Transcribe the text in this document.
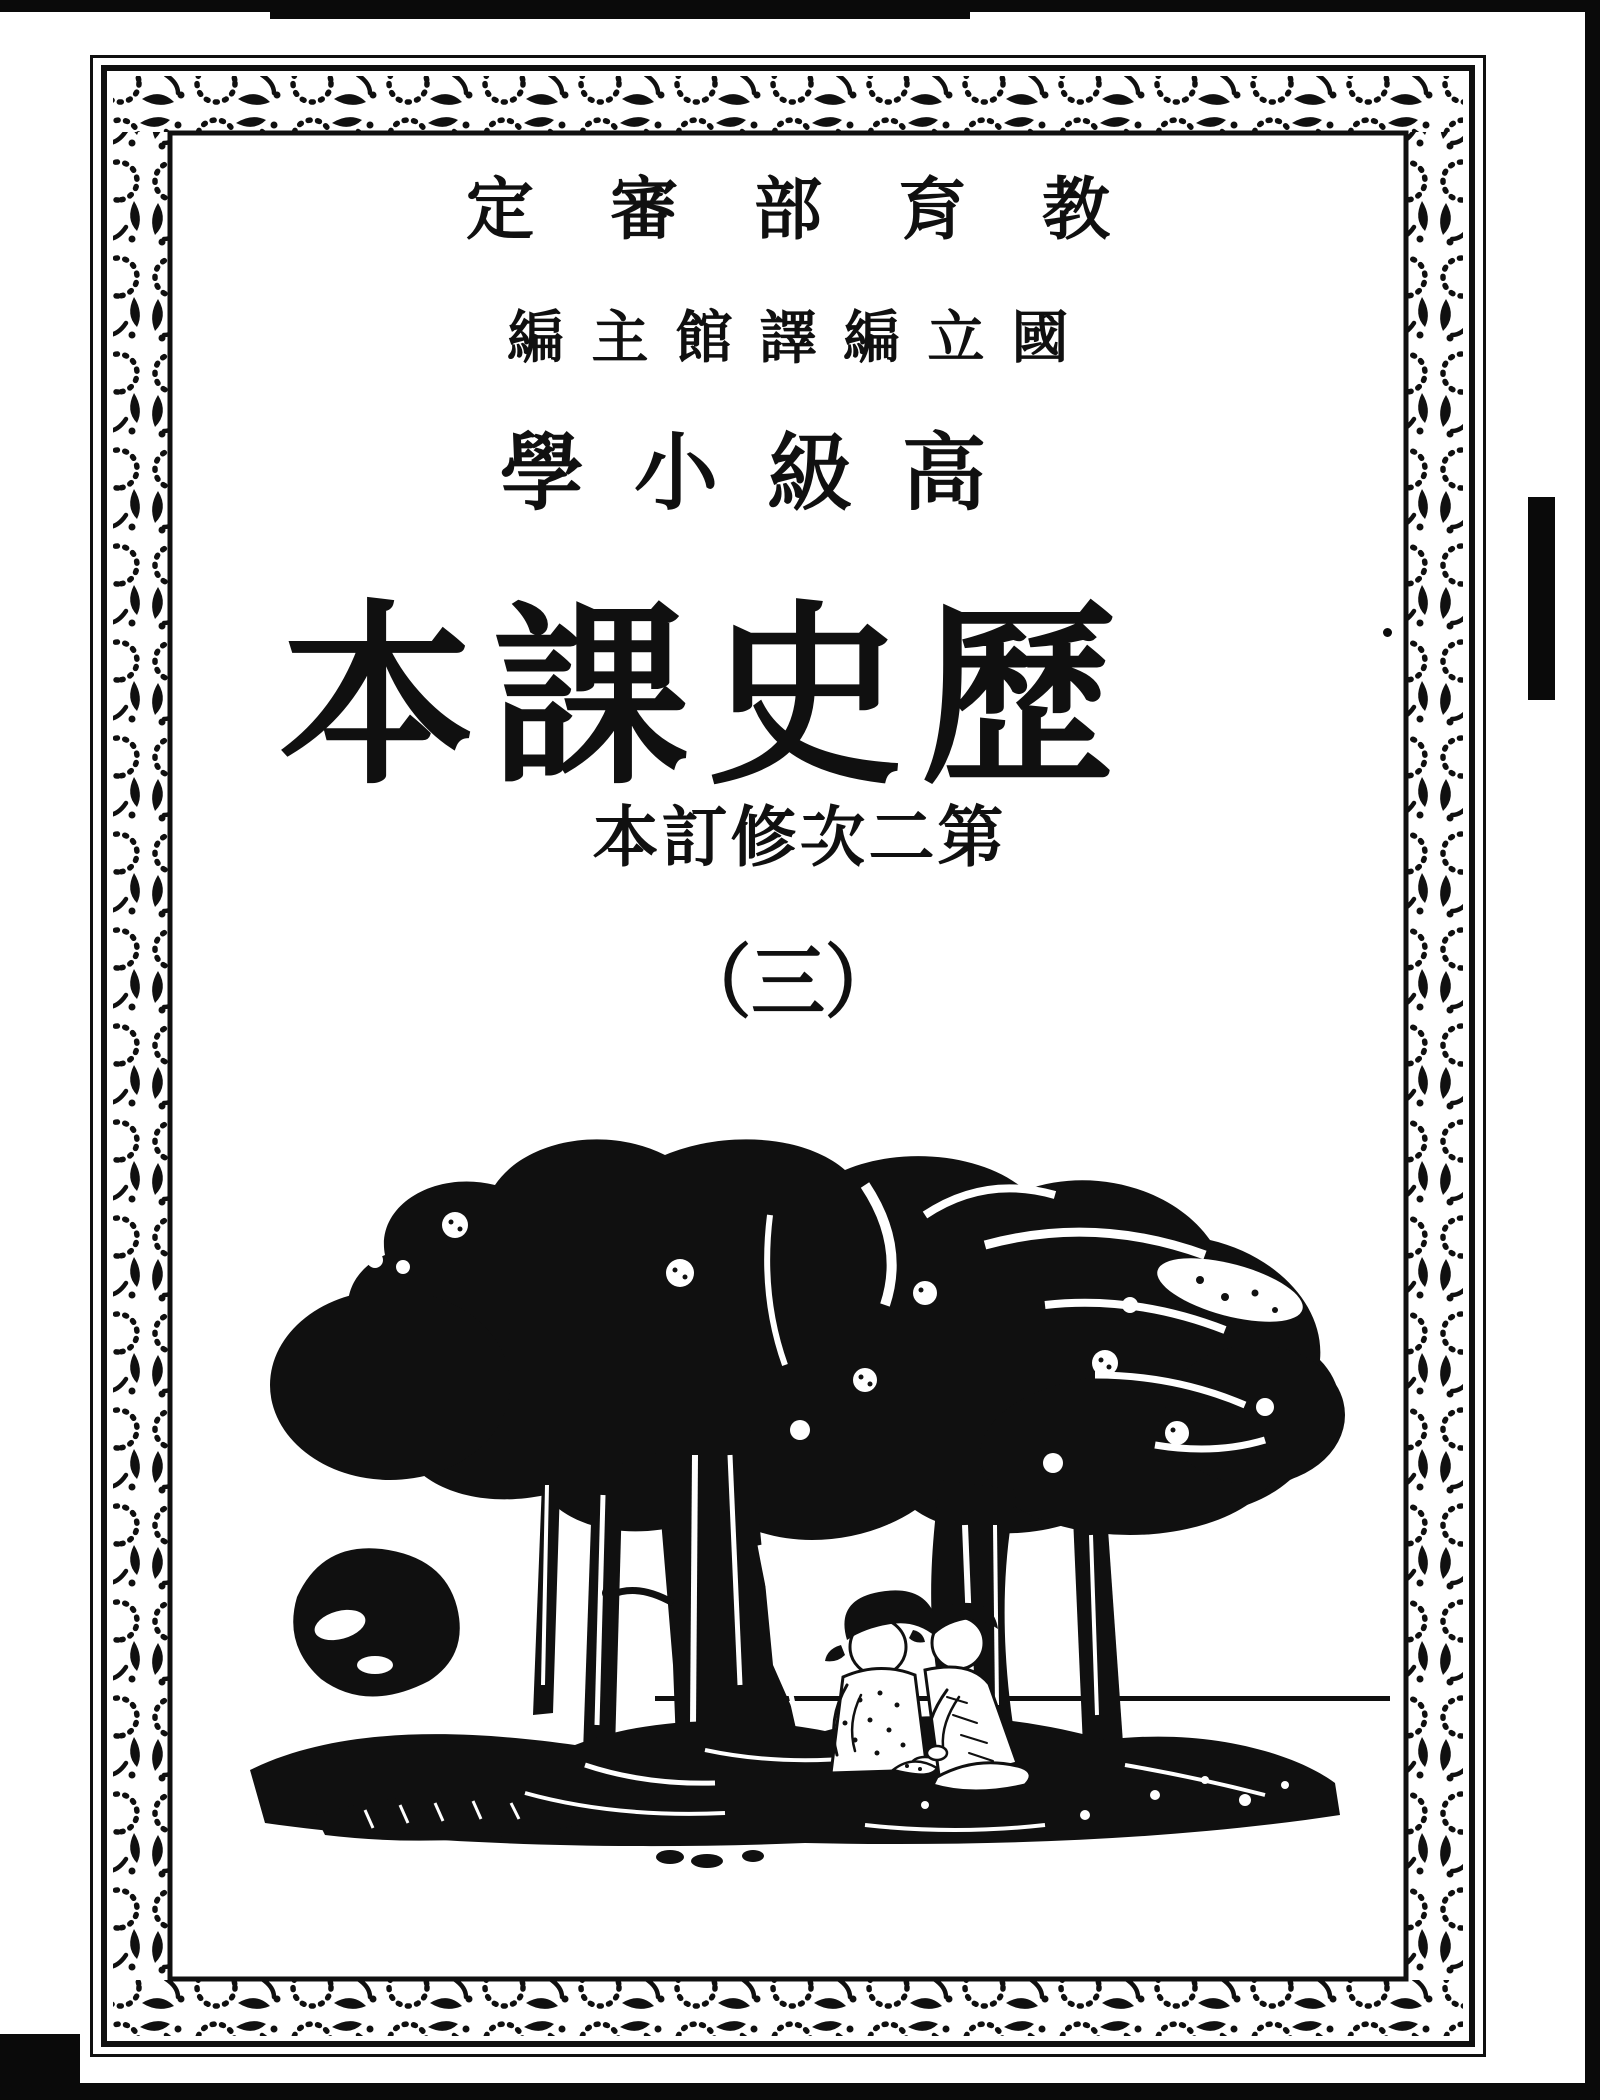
定審部育教
編主館譯編立國
學小級高
本課史歷
本訂修次二第
（三）
